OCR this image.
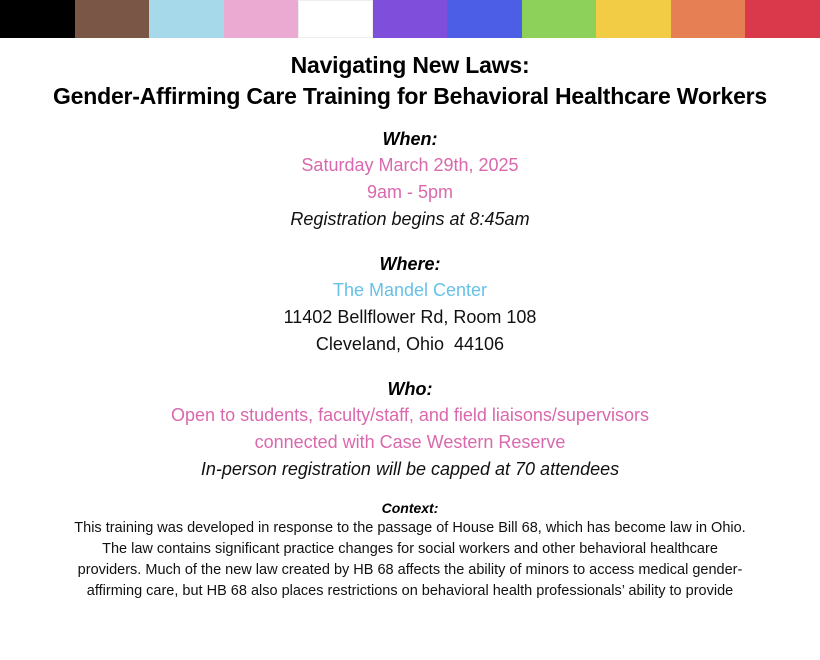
Navigating New Laws:
Gender-Affirming Care Training for Behavioral Healthcare Workers
When:
Saturday March 29th, 2025
9am - 5pm
Registration begins at 8:45am
Where:
The Mandel Center
11402 Bellflower Rd, Room 108
Cleveland, Ohio  44106
Who:
Open to students, faculty/staff, and field liaisons/supervisors
connected with Case Western Reserve
In-person registration will be capped at 70 attendees
Context:
This training was developed in response to the passage of House Bill 68, which has become law in Ohio.
The law contains significant practice changes for social workers and other behavioral healthcare
providers. Much of the new law created by HB 68 affects the ability of minors to access medical gender-
affirming care, but HB 68 also places restrictions on behavioral health professionals’ ability to provide
